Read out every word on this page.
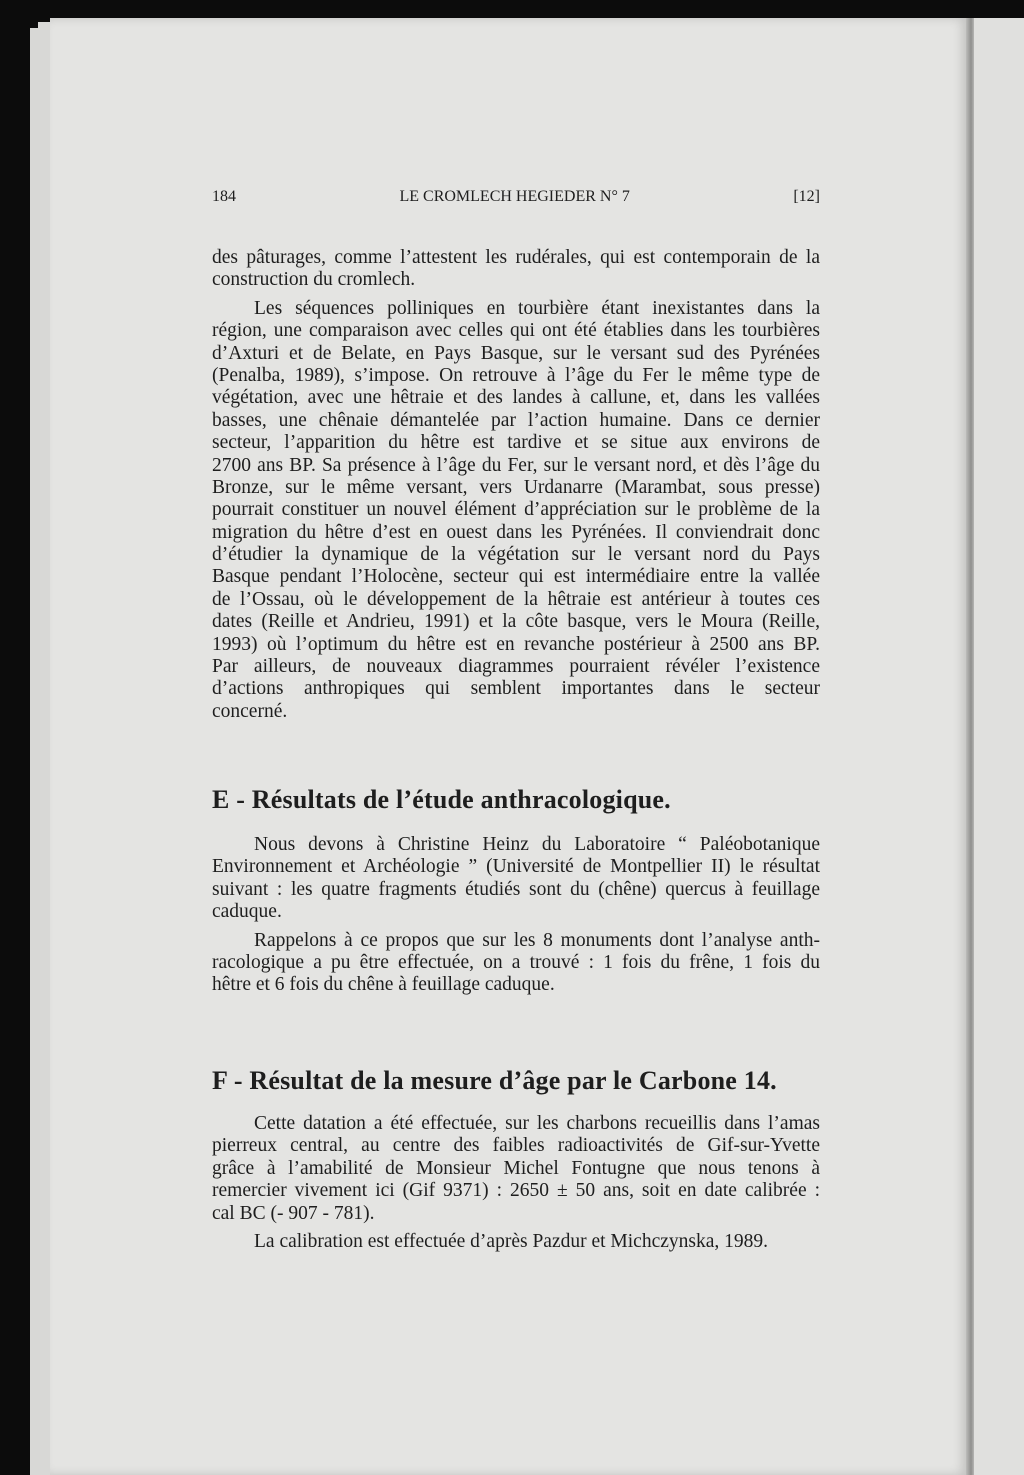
184	LE CROMLECH HEGIEDER N° 7	[12]
des pâturages, comme l’attestent les rudérales, qui est contemporain de la
construction du cromlech.
Les séquences polliniques en tourbière étant inexistantes dans la
région, une comparaison avec celles qui ont été établies dans les tourbières
d’Axturi et de Belate, en Pays Basque, sur le versant sud des Pyrénées
(Penalba, 1989), s’impose. On retrouve à l’âge du Fer le même type de
végétation, avec une hêtraie et des landes à callune, et, dans les vallées
basses, une chênaie démantelée par l’action humaine. Dans ce dernier
secteur, l’apparition du hêtre est tardive et se situe aux environs de
2700 ans BP. Sa présence à l’âge du Fer, sur le versant nord, et dès l’âge du
Bronze, sur le même versant, vers Urdanarre (Marambat, sous presse)
pourrait constituer un nouvel élément d’appréciation sur le problème de la
migration du hêtre d’est en ouest dans les Pyrénées. Il conviendrait donc
d’étudier la dynamique de la végétation sur le versant nord du Pays
Basque pendant l’Holocène, secteur qui est intermédiaire entre la vallée
de l’Ossau, où le développement de la hêtraie est antérieur à toutes ces
dates (Reille et Andrieu, 1991) et la côte basque, vers le Moura (Reille,
1993) où l’optimum du hêtre est en revanche postérieur à 2500 ans BP.
Par ailleurs, de nouveaux diagrammes pourraient révéler l’existence
d’actions anthropiques qui semblent importantes dans le secteur
concerné.
E - Résultats de l’étude anthracologique.
Nous devons à Christine Heinz du Laboratoire “ Paléobotanique
Environnement et Archéologie ” (Université de Montpellier II) le résultat
suivant : les quatre fragments étudiés sont du (chêne) quercus à feuillage
caduque.
Rappelons à ce propos que sur les 8 monuments dont l’analyse anth-
racologique a pu être effectuée, on a trouvé : 1 fois du frêne, 1 fois du
hêtre et 6 fois du chêne à feuillage caduque.
F - Résultat de la mesure d’âge par le Carbone 14.
Cette datation a été effectuée, sur les charbons recueillis dans l’amas
pierreux central, au centre des faibles radioactivités de Gif-sur-Yvette
grâce à l’amabilité de Monsieur Michel Fontugne que nous tenons à
remercier vivement ici (Gif 9371) : 2650 ± 50 ans, soit en date calibrée :
cal BC (- 907 - 781).
La calibration est effectuée d’après Pazdur et Michczynska, 1989.
